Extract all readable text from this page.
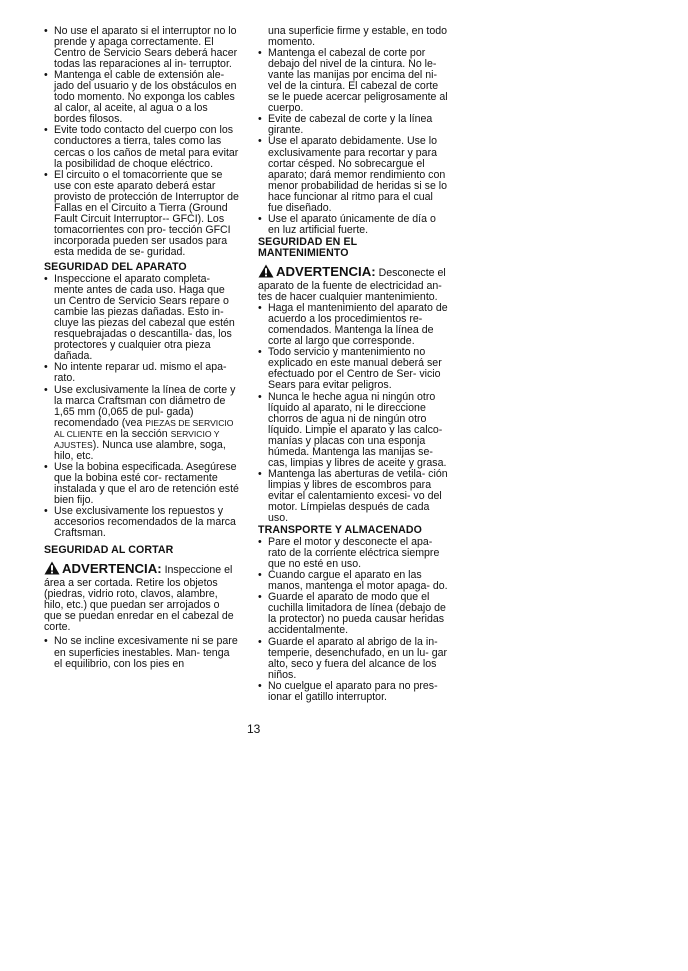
• No use el aparato si el interruptor no lo prende y apaga correctamente. El Centro de Servicio Sears deberá hacer todas las reparaciones al in- terruptor.
• Mantenga el cable de extensión ale- jado del usuario y de los obstáculos en todo momento. No exponga los cables al calor, al aceite, al agua o a los bordes filosos.
• Evite todo contacto del cuerpo con los conductores a tierra, tales como las cercas o los caños de metal para evitar la posibilidad de choque eléctrico.
• El circuito o el tomacorriente que se use con este aparato deberá estar provisto de protección de Interruptor de Fallas en el Circuito a Tierra (Ground Fault Circuit Interruptor-- GFCI). Los tomacorrientes con pro- tección GFCI incorporada pueden ser usados para esta medida de se- guridad.
SEGURIDAD DEL APARATO
• Inspeccione el aparato completa- mente antes de cada uso. Haga que un Centro de Servicio Sears repare o cambie las piezas dañadas. Esto in- cluye las piezas del cabezal que estén resquebrajadas o descantilla- das, los protectores y cualquier otra pieza dañada.
• No intente reparar ud. mismo el apa- rato.
• Use exclusivamente la línea de corte y la marca Craftsman con diámetro de 1,65 mm (0,065 de pul- gada) recomendado (vea PIEZAS DE SERVICIO AL CLIENTE en la sección SERVICIO Y AJUSTES). Nunca use alambre, soga, hilo, etc.
• Use la bobina especificada. Asegúrese que la bobina esté cor- rectamente instalada y que el aro de retención esté bien fijo.
• Use exclusivamente los repuestos y accesorios recomendados de la marca Craftsman.
SEGURIDAD AL CORTAR
ADVERTENCIA: Inspeccione el área a ser cortada. Retire los objetos (piedras, vidrio roto, clavos, alambre, hilo, etc.) que puedan ser arrojados o que se puedan enredar en el cabezal de corte.
• No se incline excesivamente ni se pare en superficies inestables. Man- tenga el equilibrio, con los pies en
una superficie firme y estable, en todo momento.
• Mantenga el cabezal de corte por debajo del nivel de la cintura. No le- vante las manijas por encima del ni- vel de la cintura. El cabezal de corte se le puede acercar peligrosamente al cuerpo.
• Evite de cabezal de corte y la línea girante.
• Use el aparato debidamente. Use lo exclusivamente para recortar y para cortar césped. No sobrecargue el aparato; dará memor rendimiento con menor probabilidad de heridas si se lo hace funcionar al ritmo para el cual fue diseñado.
• Use el aparato únicamente de día o en luz artificial fuerte.
SEGURIDAD EN EL MANTENIMIENTO
ADVERTENCIA: Desconecte el aparato de la fuente de electricidad an- tes de hacer cualquier mantenimiento.
• Haga el mantenimiento del aparato de acuerdo a los procedimientos re- comendados. Mantenga la línea de corte al largo que corresponde.
• Todo servicio y mantenimiento no explicado en este manual deberá ser efectuado por el Centro de Ser- vicio Sears para evitar peligros.
• Nunca le heche agua ni ningún otro líquido al aparato, ni le direccione chorros de agua ni de ningún otro líquido. Limpie el aparato y las calco- manías y placas con una esponja húmeda. Mantenga las manijas se- cas, limpias y libres de aceite y grasa.
• Mantenga las aberturas de vetila- ción limpias y libres de escombros para evitar el calentamiento excesi- vo del motor. Límpielas después de cada uso.
TRANSPORTE Y ALMACENADO
• Pare el motor y desconecte el apa- rato de la corriente eléctrica siempre que no esté en uso.
• Cuando cargue el aparato en las manos, mantenga el motor apaga- do.
• Guarde el aparato de modo que el cuchilla limitadora de línea (debajo de la protector) no pueda causar heridas accidentalmente.
• Guarde el aparato al abrigo de la in- temperie, desenchufado, en un lu- gar alto, seco y fuera del alcance de los niños.
• No cuelgue el aparato para no pres- ionar el gatillo interruptor.
13
